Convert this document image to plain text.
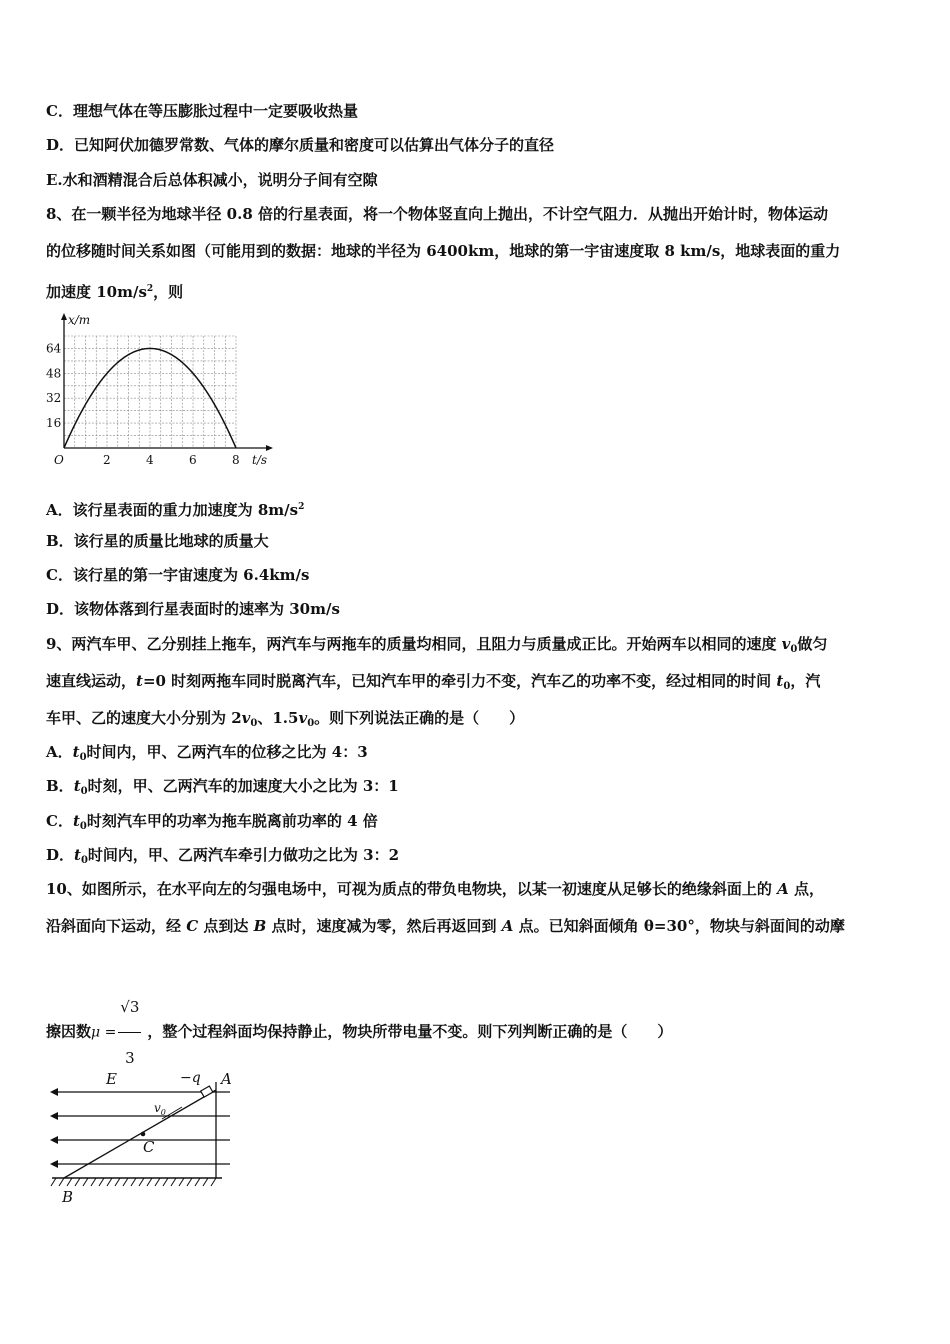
C．理想气体在等压膨胀过程中一定要吸收热量
D．已知阿伏加德罗常数、气体的摩尔质量和密度可以估算出气体分子的直径
E.水和酒精混合后总体积减小，说明分子间有空隙
8、在一颗半径为地球半径 0.8 倍的行星表面，将一个物体竖直向上抛出，不计空气阻力．从抛出开始计时，物体运动
的位移随时间关系如图（可能用到的数据：地球的半径为 6400km，地球的第一宇宙速度取 8 km/s，地球表面的重力
加速度 $10m/s^2$，则
2	4	6	8
16
32
48
64
O	t/s
x/m
A．该行星表面的重力加速度为 $8m/s^2$
B．该行星的质量比地球的质量大
C．该行星的第一宇宙速度为 6.4km/s
D．该物体落到行星表面时的速率为 30m/s
9、两汽车甲、乙分别挂上拖车，两汽车与两拖车的质量均相同，且阻力与质量成正比。开始两车以相同的速度 $v_0$做匀
速直线运动，t=0 时刻两拖车同时脱离汽车，已知汽车甲的牵引力不变，汽车乙的功率不变，经过相同的时间 $t_0$，汽
车甲、乙的速度大小分别为 $2v_0$、$1.5v_0$。则下列说法正确的是（　　）
A．$t_0$时间内，甲、乙两汽车的位移之比为 4：3
B．$t_0$时刻，甲、乙两汽车的加速度大小之比为 3：1
C．$t_0$时刻汽车甲的功率为拖车脱离前功率的 4 倍
D．$t_0$时间内，甲、乙两汽车牵引力做功之比为 3：2
10、如图所示，在水平向左的匀强电场中，可视为质点的带负电物块，以某一初速度从足够长的绝缘斜面上的 A 点，
沿斜面向下运动，经 C 点到达 B 点时，速度减为零，然后再返回到 A 点。已知斜面倾角 θ=30°，物块与斜面间的动摩
擦因数$\mu = \frac{√3}{3}$ ，整个过程斜面均保持静止，物块所带电量不变。则下列判断正确的是（　　）
E	−q A
$v_0$
C
B
